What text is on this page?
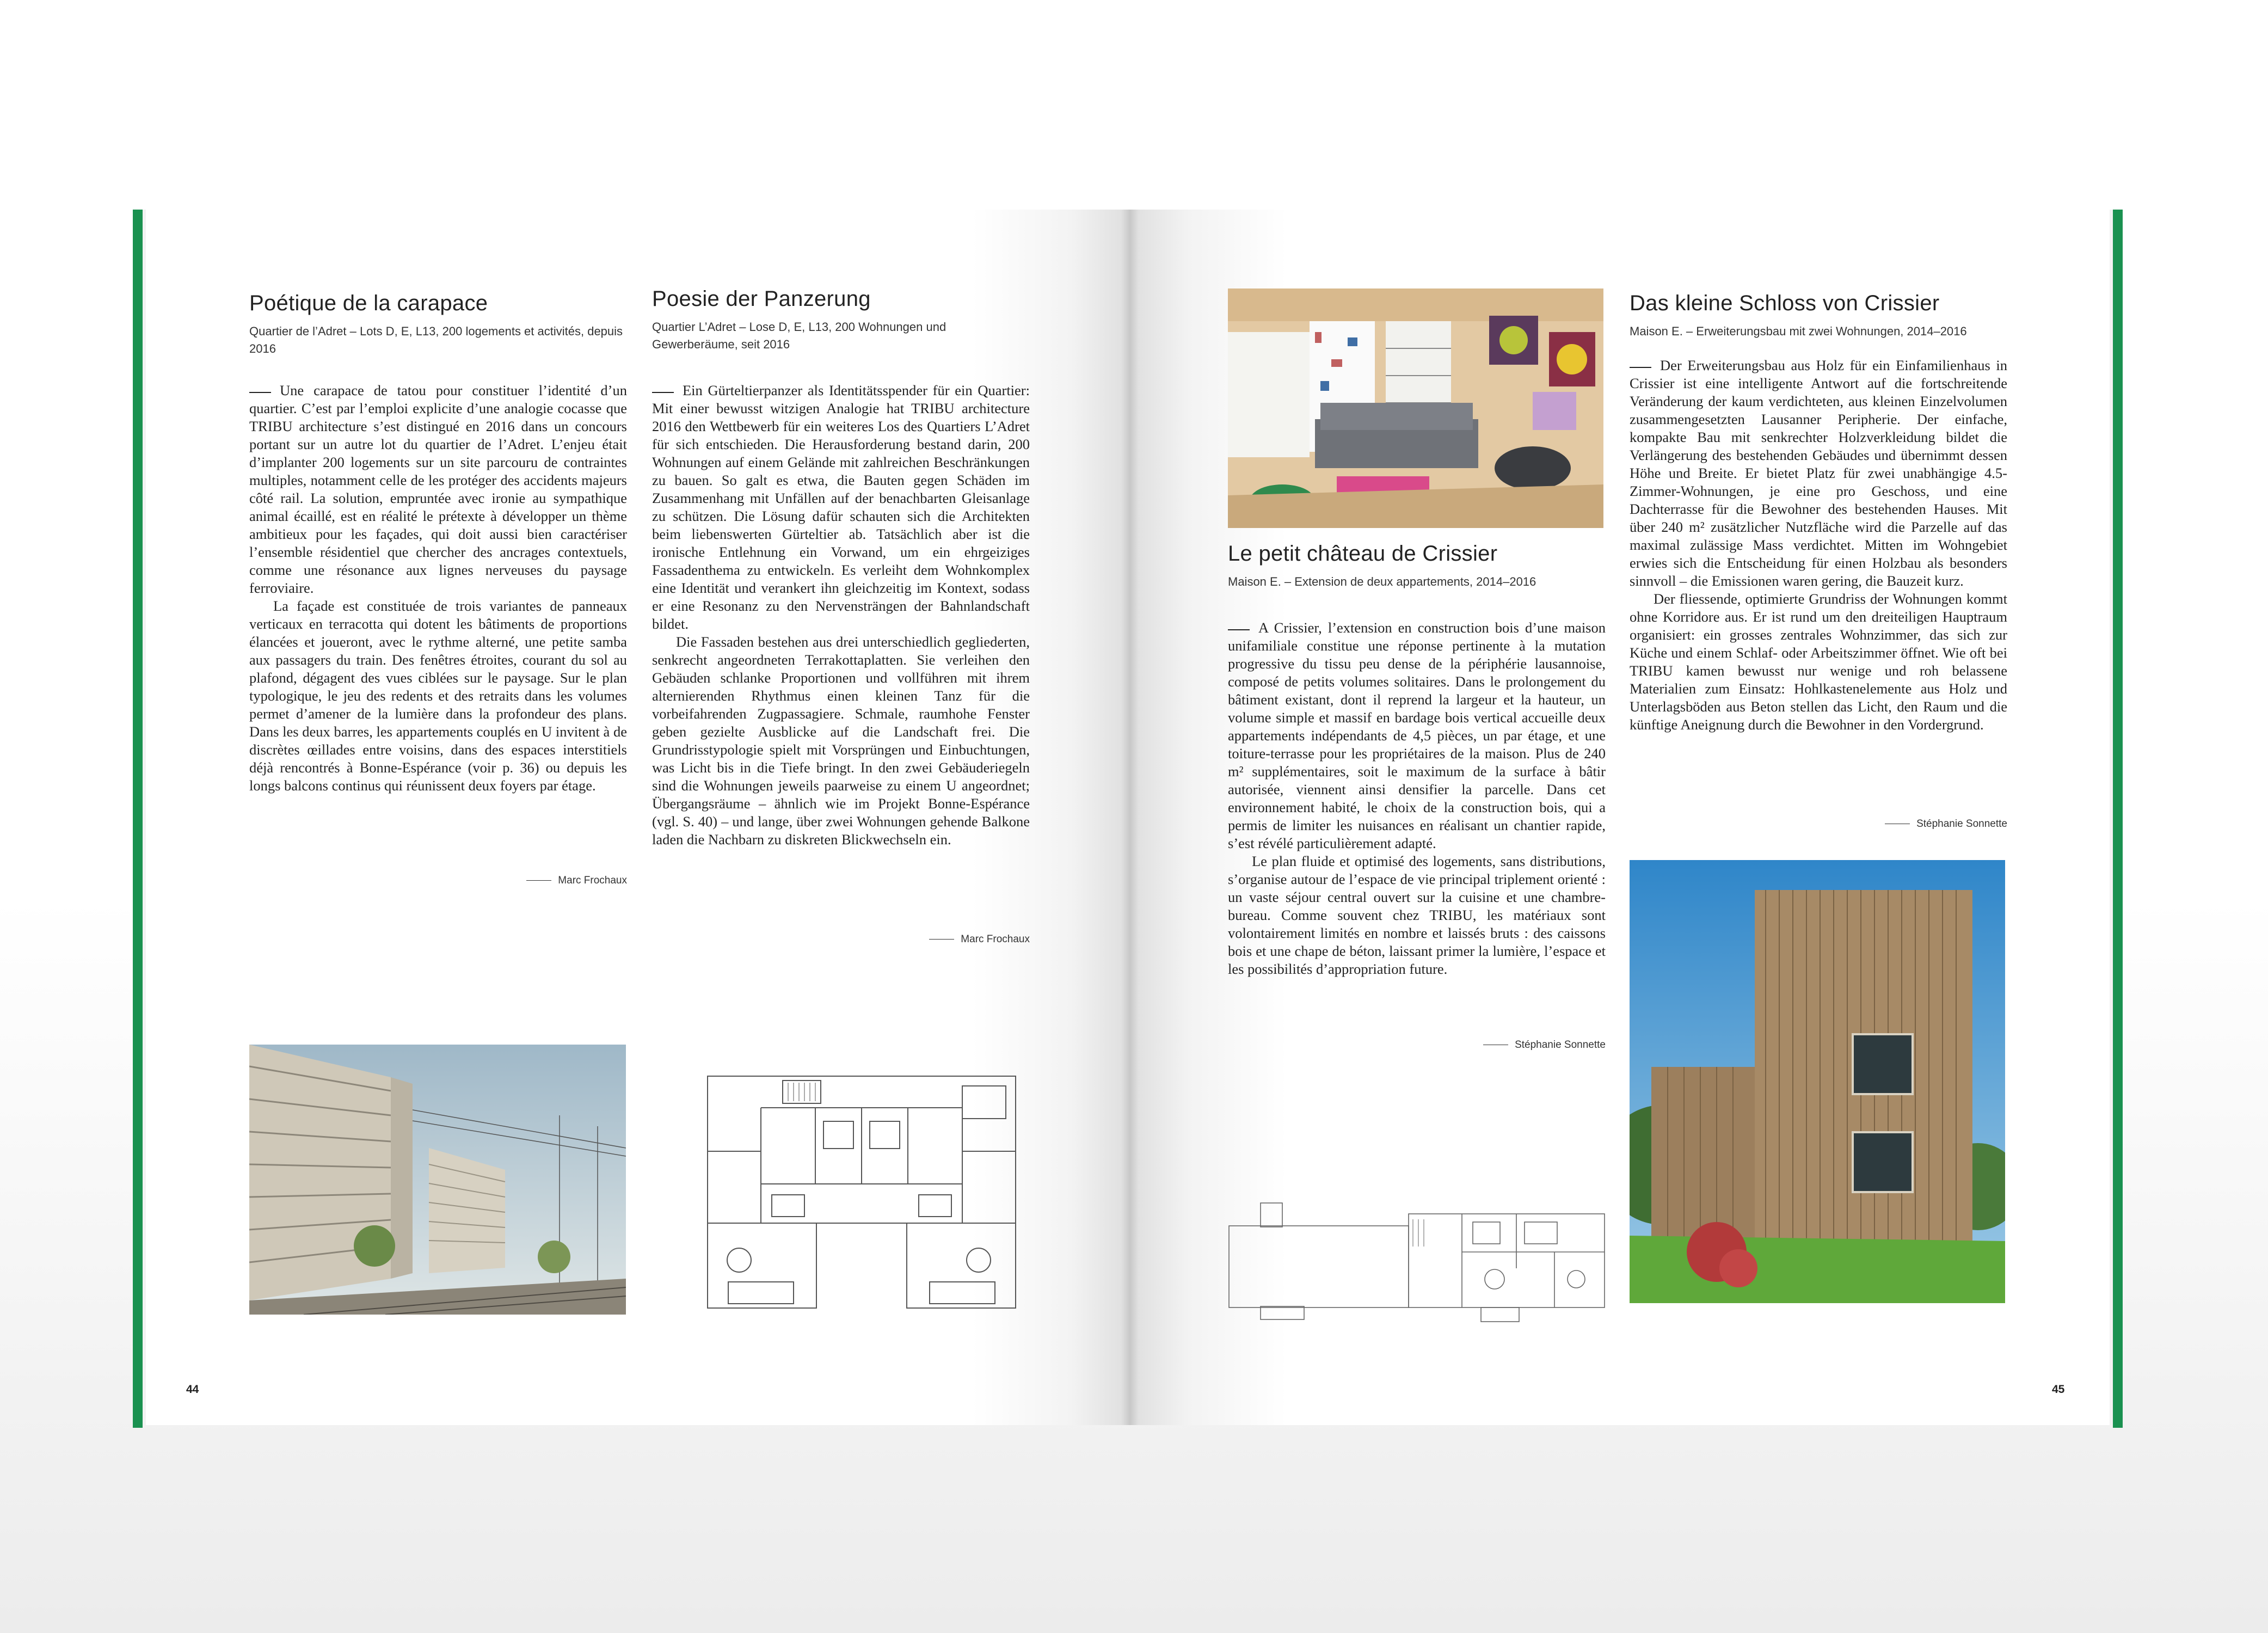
Poétique de la carapace

Quartier de l’Adret – Lots D, E, L13, 200 logements et activités, depuis 2016

Une carapace de tatou pour constituer l’identité d’un quartier. C’est par l’emploi explicite d’une analogie cocasse que TRIBU architecture s’est distingué en 2016 dans un concours portant sur un autre lot du quartier de l’Adret. L’enjeu était d’implanter 200 logements sur un site parcouru de contraintes multiples, notamment celle de les protéger des accidents majeurs côté rail. La solution, empruntée avec ironie au sympathique animal écaillé, est en réalité le prétexte à développer un thème ambitieux pour les façades, qui doit aussi bien caractériser l’ensemble résidentiel que chercher des ancrages contextuels, comme une résonance aux lignes nerveuses du paysage ferroviaire.

La façade est constituée de trois variantes de panneaux verticaux en terracotta qui dotent les bâtiments de proportions élancées et joueront, avec le rythme alterné, une petite samba aux passagers du train. Des fenêtres étroites, courant du sol au plafond, dégagent des vues ciblées sur le paysage. Sur le plan typologique, le jeu des redents et des retraits dans les volumes permet d’amener de la lumière dans la profondeur des plans. Dans les deux barres, les appartements couplés en U invitent à de discrètes œillades entre voisins, dans des espaces interstitiels déjà rencontrés à Bonne-Espérance (voir p. 36) ou depuis les longs balcons continus qui réunissent deux foyers par étage.

Marc Frochaux
Poesie der Panzerung

Quartier L’Adret – Lose D, E, L13, 200 Wohnungen und Gewerberäume, seit 2016

Ein Gürteltierpanzer als Identitätsspender für ein Quartier: Mit einer bewusst witzigen Analogie hat TRIBU architecture 2016 den Wettbewerb für ein weiteres Los des Quartiers L’Adret für sich entschieden. Die Herausforderung bestand darin, 200 Wohnungen auf einem Gelände mit zahlreichen Beschränkungen zu bauen. So galt es etwa, die Bauten gegen Schäden im Zusammenhang mit Unfällen auf der benachbarten Gleisanlage zu schützen. Die Lösung dafür schauten sich die Architekten beim liebenswerten Gürteltier ab. Tatsächlich aber ist die ironische Entlehnung ein Vorwand, um ein ehrgeiziges Fassadenthema zu entwickeln. Es verleiht dem Wohnkomplex eine Identität und verankert ihn gleichzeitig im Kontext, sodass er eine Resonanz zu den Nervensträngen der Bahnlandschaft bildet.

Die Fassaden bestehen aus drei unterschiedlich gegliederten, senkrecht angeordneten Terrakottaplatten. Sie verleihen den Gebäuden schlanke Proportionen und vollführen mit ihrem alternierenden Rhythmus einen kleinen Tanz für die vorbeifahrenden Zugpassagiere. Schmale, raumhohe Fenster geben gezielte Ausblicke auf die Landschaft frei. Die Grundrisstypologie spielt mit Vorsprüngen und Einbuchtungen, was Licht bis in die Tiefe bringt. In den zwei Gebäuderiegeln sind die Wohnungen jeweils paarweise zu einem U angeordnet; Übergangsräume – ähnlich wie im Projekt Bonne-Espérance (vgl. S. 40) – und lange, über zwei Wohnungen gehende Balkone laden die Nachbarn zu diskreten Blickwechseln ein.

Marc Frochaux
44
Le petit château de Crissier

Maison E. – Extension de deux appartements, 2014–2016

A Crissier, l’extension en construction bois d’une maison unifamiliale constitue une réponse pertinente à la mutation progressive du tissu peu dense de la périphérie lausannoise, composé de petits volumes solitaires. Dans le prolongement du bâtiment existant, dont il reprend la largeur et la hauteur, un volume simple et massif en bardage bois vertical accueille deux appartements indépendants de 4,5 pièces, un par étage, et une toiture-terrasse pour les propriétaires de la maison. Plus de 240 m² supplémentaires, soit le maximum de la surface à bâtir autorisée, viennent ainsi densifier la parcelle. Dans cet environnement habité, le choix de la construction bois, qui a permis de limiter les nuisances en réalisant un chantier rapide, s’est révélé particulièrement adapté.

Le plan fluide et optimisé des logements, sans distributions, s’organise autour de l’espace de vie principal triplement orienté : un vaste séjour central ouvert sur la cuisine et une chambre-bureau. Comme souvent chez TRIBU, les matériaux sont volontairement limités en nombre et laissés bruts : des caissons bois et une chape de béton, laissant primer la lumière, l’espace et les possibilités d’appropriation future.

Stéphanie Sonnette
Das kleine Schloss von Crissier

Maison E. – Erweiterungsbau mit zwei Wohnungen, 2014–2016

Der Erweiterungsbau aus Holz für ein Einfamilienhaus in Crissier ist eine intelligente Antwort auf die fortschreitende Veränderung der kaum verdichteten, aus kleinen Einzelvolumen zusammengesetzten Lausanner Peripherie. Der einfache, kompakte Bau mit senkrechter Holzverkleidung bildet die Verlängerung des bestehenden Gebäudes und übernimmt dessen Höhe und Breite. Er bietet Platz für zwei unabhängige 4.5-Zimmer-Wohnungen, je eine pro Geschoss, und eine Dachterrasse für die Bewohner des bestehenden Hauses. Mit über 240 m² zusätzlicher Nutzfläche wird die Parzelle auf das maximal zulässige Mass verdichtet. Mitten im Wohngebiet erwies sich die Entscheidung für einen Holzbau als besonders sinnvoll – die Emissionen waren gering, die Bauzeit kurz.

Der fliessende, optimierte Grundriss der Wohnungen kommt ohne Korridore aus. Er ist rund um den dreiteiligen Hauptraum organisiert: ein grosses zentrales Wohnzimmer, das sich zur Küche und einem Schlaf- oder Arbeitszimmer öffnet. Wie oft bei TRIBU kamen bewusst nur wenige und roh belassene Materialien zum Einsatz: Hohlkastenelemente aus Holz und Unterlagsböden aus Beton stellen das Licht, den Raum und die künftige Aneignung durch die Bewohner in den Vordergrund.

Stéphanie Sonnette
45
